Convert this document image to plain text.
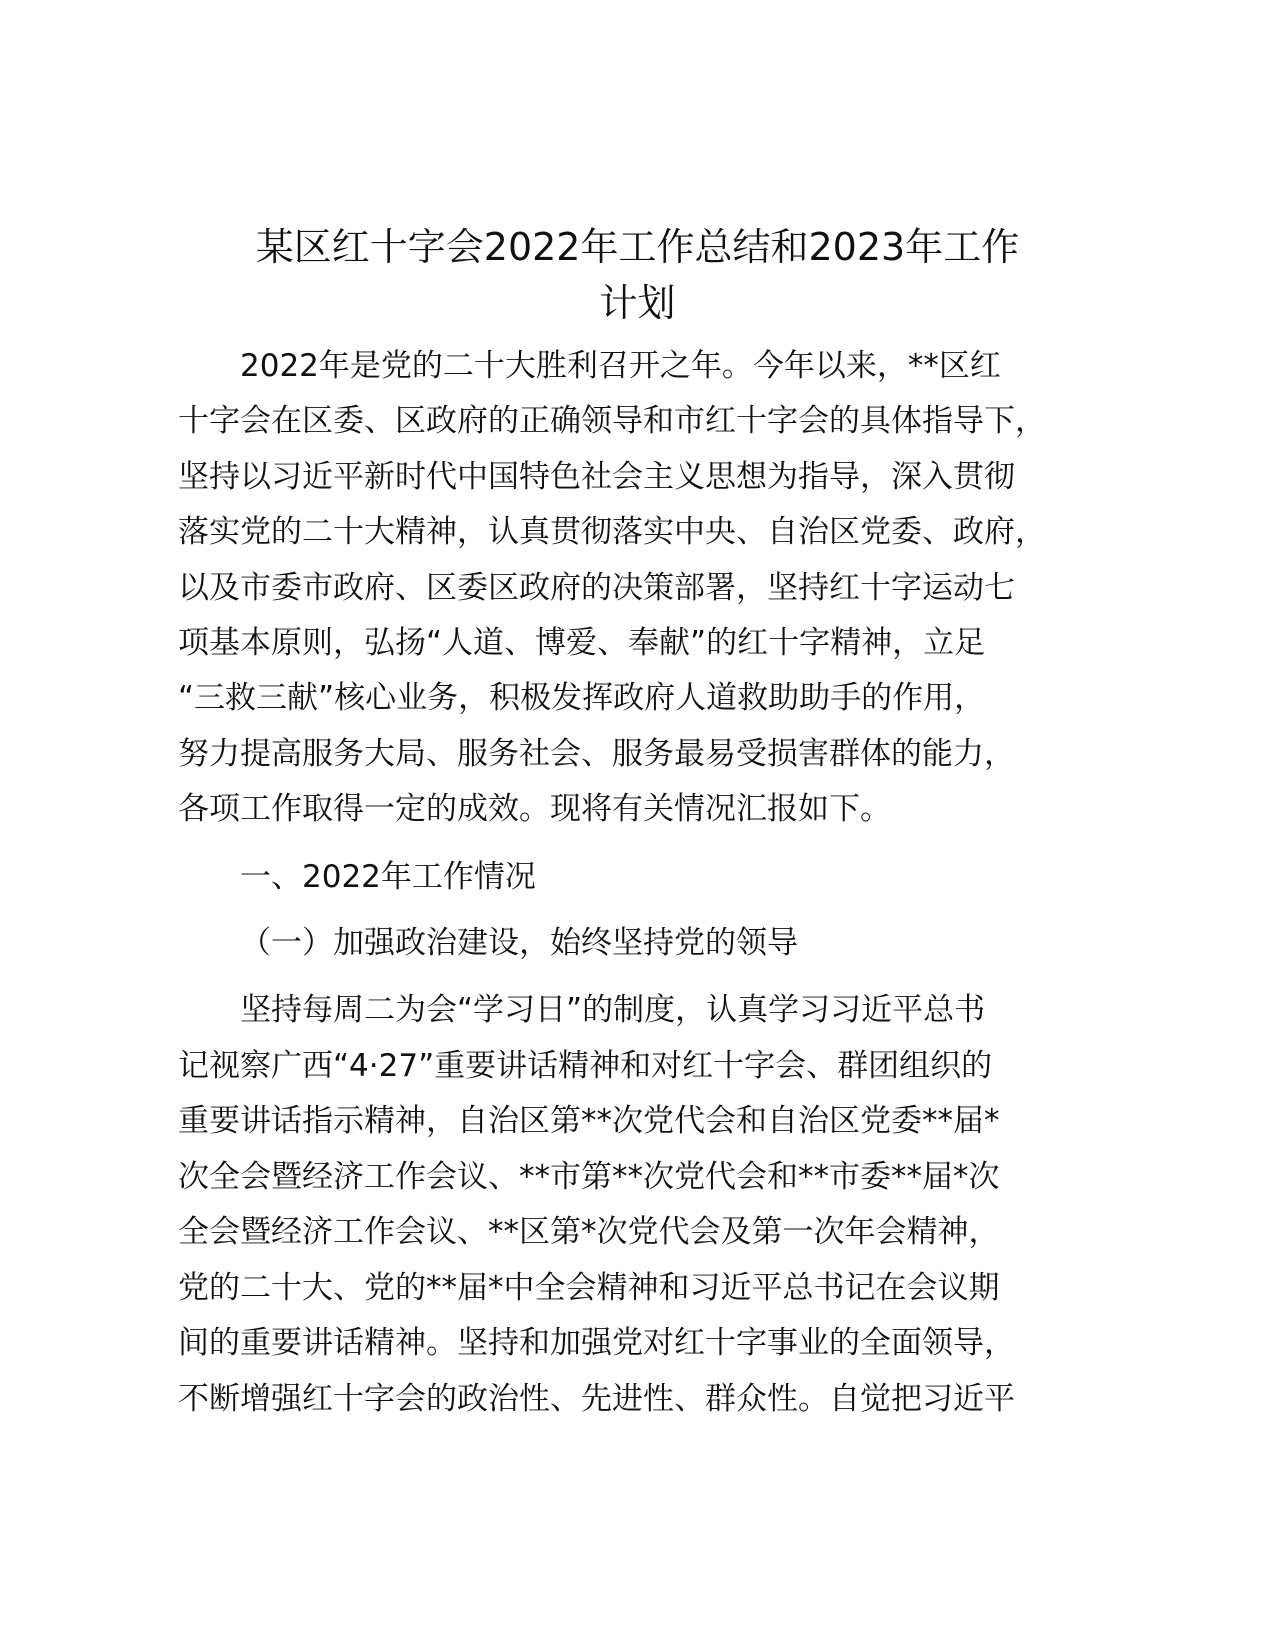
某区红十字会2022年工作总结和2023年工作
计划
2022年是党的二十大胜利召开之年。今年以来，**区红
十字会在区委、区政府的正确领导和市红十字会的具体指导下，
坚持以习近平新时代中国特色社会主义思想为指导，深入贯彻
落实党的二十大精神，认真贯彻落实中央、自治区党委、政府，
以及市委市政府、区委区政府的决策部署，坚持红十字运动七
项基本原则，弘扬“人道、博爱、奉献”的红十字精神，立足
“三救三献”核心业务，积极发挥政府人道救助助手的作用，
努力提高服务大局、服务社会、服务最易受损害群体的能力，
各项工作取得一定的成效。现将有关情况汇报如下。
一、2022年工作情况
（一）加强政治建设，始终坚持党的领导
坚持每周二为会“学习日”的制度，认真学习习近平总书
记视察广西“4·27”重要讲话精神和对红十字会、群团组织的
重要讲话指示精神，自治区第**次党代会和自治区党委**届*
次全会暨经济工作会议、**市第**次党代会和**市委**届*次
全会暨经济工作会议、**区第*次党代会及第一次年会精神，
党的二十大、党的**届*中全会精神和习近平总书记在会议期
间的重要讲话精神。坚持和加强党对红十字事业的全面领导，
不断增强红十字会的政治性、先进性、群众性。自觉把习近平
